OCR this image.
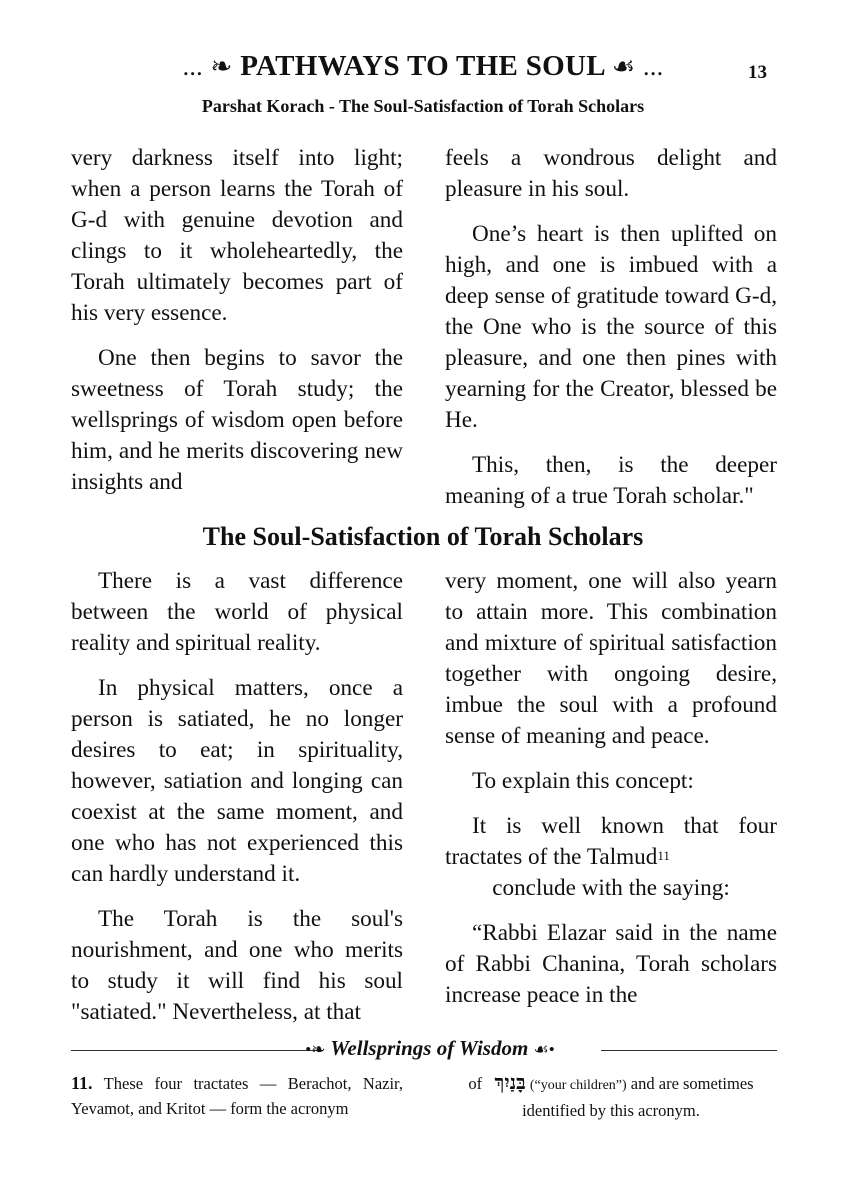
... ❧ PATHWAYS TO THE SOUL ☙ ...	13
Parshat Korach - The Soul-Satisfaction of Torah Scholars

very darkness itself into light; when a person learns the Torah of G-d with genuine devotion and clings to it wholeheartedly, the Torah ultimately becomes part of his very essence.

One then begins to savor the sweetness of Torah study; the wellsprings of wisdom open before him, and he merits discovering new insights and

feels a wondrous delight and pleasure in his soul.

One’s heart is then uplifted on high, and one is imbued with a deep sense of gratitude toward G-d, the One who is the source of this pleasure, and one then pines with yearning for the Creator, blessed be He.

This, then, is the deeper meaning of a true Torah scholar."

The Soul-Satisfaction of Torah Scholars

There is a vast difference between the world of physical reality and spiritual reality.

In physical matters, once a person is satiated, he no longer desires to eat; in spirituality, however, satiation and longing can coexist at the same moment, and one who has not experienced this can hardly understand it.

The Torah is the soul's nourishment, and one who merits to study it will find his soul "satiated." Nevertheless, at that

very moment, one will also yearn to attain more. This combination and mixture of spiritual satisfaction together with ongoing desire, imbue the soul with a profound sense of meaning and peace.

To explain this concept:

It is well known that four tractates of the Talmud$^{11}$
conclude with the saying:

“Rabbi Elazar said in the name of Rabbi Chanina, Torah scholars increase peace in the

•❧ Wellsprings of Wisdom ☙•
11. These four tractates — Berachot, Nazir, Yevamot, and Kritot — form the acronym
of בָּנַיִךְ (“your children”) and are sometimes identified by this acronym.
